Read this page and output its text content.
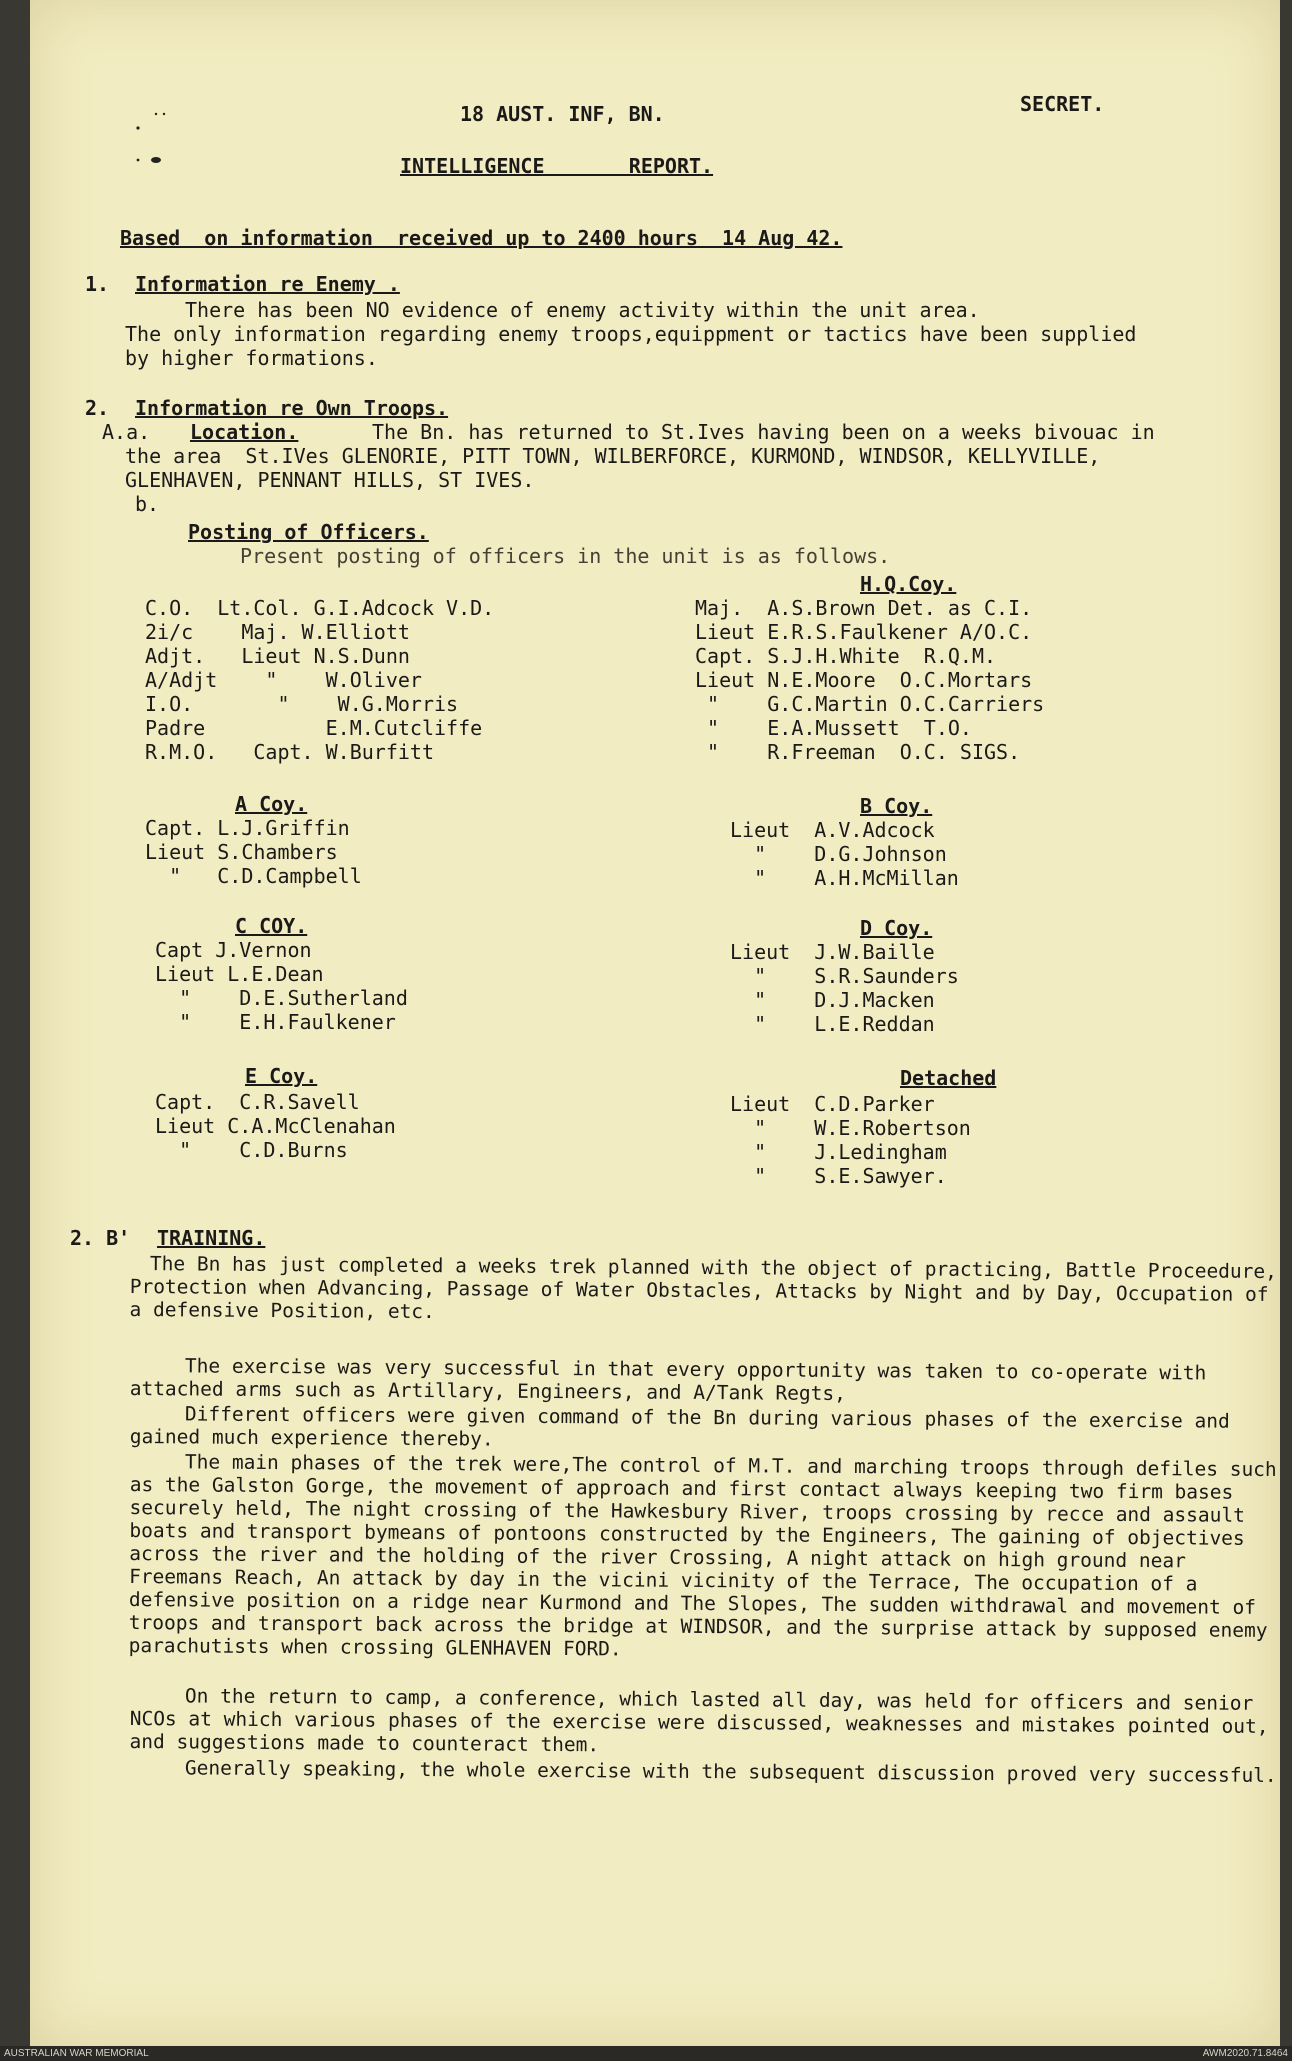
18 AUST. INF, BN.	SECRET.
INTELLIGENCE       REPORT.
Based  on information  received up to 2400 hours  14 Aug 42.
1. Information re Enemy .
There has been NO evidence of enemy activity within the unit area.
The only information regarding enemy troops,equippment or tactics have been supplied
by higher formations.
2. Information re Own Troops.
A.a. Location.	The Bn. has returned to St.Ives having been on a weeks bivouac in
the area  St.IVes GLENORIE, PITT TOWN, WILBERFORCE, KURMOND, WINDSOR, KELLYVILLE,
GLENHAVEN, PENNANT HILLS, ST IVES.
b.
Posting of Officers.
Present posting of officers in the unit is as follows.
C.O.  Lt.Col. G.I.Adcock V.D.
2i/c    Maj. W.Elliott
Adjt.   Lieut N.S.Dunn
A/Adjt    "    W.Oliver
I.O.       "    W.G.Morris
Padre          E.M.Cutcliffe
R.M.O.   Capt. W.Burfitt
H.Q.Coy.
Maj.  A.S.Brown Det. as C.I.
Lieut E.R.S.Faulkener A/O.C.
Capt. S.J.H.White  R.Q.M.
Lieut N.E.Moore  O.C.Mortars
"    G.C.Martin O.C.Carriers
"    E.A.Mussett  T.O.
"    R.Freeman  O.C. SIGS.
A Coy.
Capt. L.J.Griffin
Lieut S.Chambers
"   C.D.Campbell
B Coy.
Lieut  A.V.Adcock
"    D.G.Johnson
"    A.H.McMillan
C COY.
Capt J.Vernon
Lieut L.E.Dean
"    D.E.Sutherland
"    E.H.Faulkener
D Coy.
Lieut  J.W.Baille
"    S.R.Saunders
"    D.J.Macken
"    L.E.Reddan
E Coy.
Capt.  C.R.Savell
Lieut C.A.McClenahan
"    C.D.Burns
Detached
Lieut  C.D.Parker
"    W.E.Robertson
"    J.Ledingham
"    S.E.Sawyer.
2. B' TRAINING.
The Bn has just completed a weeks trek planned with the object of practicing, Battle Proceedure, Protection when Advancing, Passage of Water Obstacles, Attacks by Night and by Day, Occupation of a defensive Position, etc.
The exercise was very successful in that every opportunity was taken to co-operate with attached arms such as Artillary, Engineers, and A/Tank Regts,
Different officers were given command of the Bn during various phases of the exercise and gained much experience thereby.
The main phases of the trek were,The control of M.T. and marching troops through defiles such as the Galston Gorge, the movement of approach and first contact always keeping two firm bases securely held, The night crossing of the Hawkesbury River, troops crossing by recce and assault boats and transport bymeans of pontoons constructed by the Engineers, The gaining of objectives across the river and the holding of the river Crossing, A night attack on high ground near Freemans Reach, An attack by day in the vicini vicinity of the Terrace, The occupation of a defensive position on a ridge near Kurmond and The Slopes, The sudden withdrawal and movement of troops and transport back across the bridge at WINDSOR, and the surprise attack by supposed enemy parachutists when crossing GLENHAVEN FORD.
On the return to camp, a conference, which lasted all day, was held for officers and senior NCOs at which various phases of the exercise were discussed, weaknesses and mistakes pointed out, and suggestions made to counteract them.
Generally speaking, the whole exercise with the subsequent discussion proved very successful.
AUSTRALIAN WAR MEMORIAL	AWM2020.71.8464
